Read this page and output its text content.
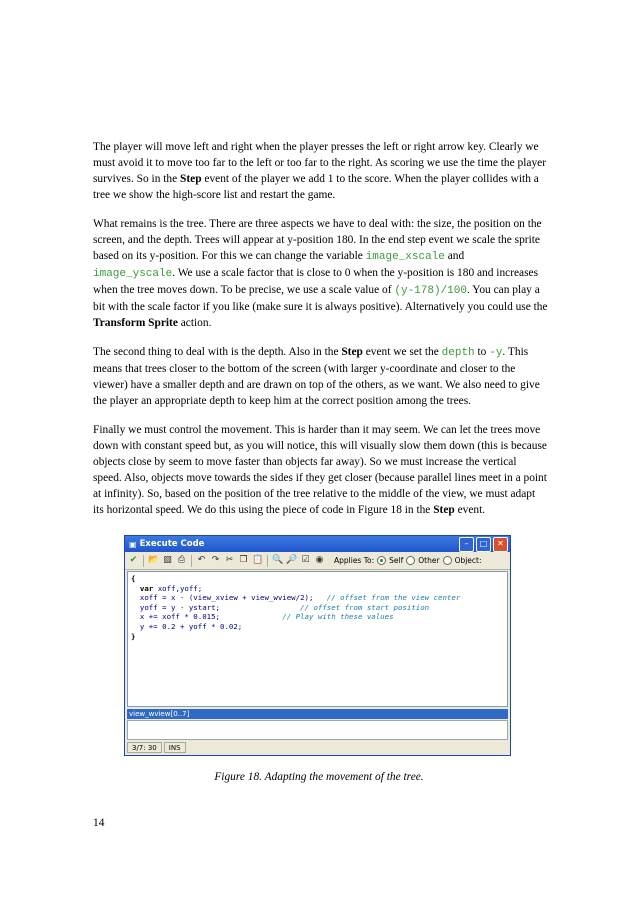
The player will move left and right when the player presses the left or right arrow key. Clearly we must avoid it to move too far to the left or too far to the right. As scoring we use the time the player survives. So in the Step event of the player we add 1 to the score. When the player collides with a tree we show the high-score list and restart the game.

What remains is the tree. There are three aspects we have to deal with: the size, the position on the screen, and the depth. Trees will appear at y-position 180. In the end step event we scale the sprite based on its y-position. For this we can change the variable image_xscale and image_yscale. We use a scale factor that is close to 0 when the y-position is 180 and increases when the tree moves down. To be precise, we use a scale value of (y-178)/100. You can play a bit with the scale factor if you like (make sure it is always positive). Alternatively you could use the Transform Sprite action.

The second thing to deal with is the depth. Also in the Step event we set the depth to -y. This means that trees closer to the bottom of the screen (with larger y-coordinate and closer to the viewer) have a smaller depth and are drawn on top of the others, as we want. We also need to give the player an appropriate depth to keep him at the correct position among the trees.

Finally we must control the movement. This is harder than it may seem. We can let the trees move down with constant speed but, as you will notice, this will visually slow them down (this is because objects close by seem to move faster than objects far away). So we must increase the vertical speed. Also, objects move towards the sides if they get closer (because parallel lines meet in a point at infinity). So, based on the position of the tree relative to the middle of the view, we must adapt its horizontal speed. We do this using the piece of code in Figure 18 in the Step event.

▣ Execute Code	–	□	✕
✔ 📂 ▧ ⎙ ↶ ↷ ✂ ❐ 📋 🔍 🔎 ☑ ◉ Applies To: Self Other Object:
{
var xoff,yoff;
xoff = x - (view_xview + view_wview/2);   // offset from the view center
yoff = y - ystart;                  // offset from start position
x += xoff * 0.015;              // Play with these values
y += 0.2 + yoff * 0.02;
}
view_wview[0..7]
3/7: 30	INS
Figure 18. Adapting the movement of the tree.
14
